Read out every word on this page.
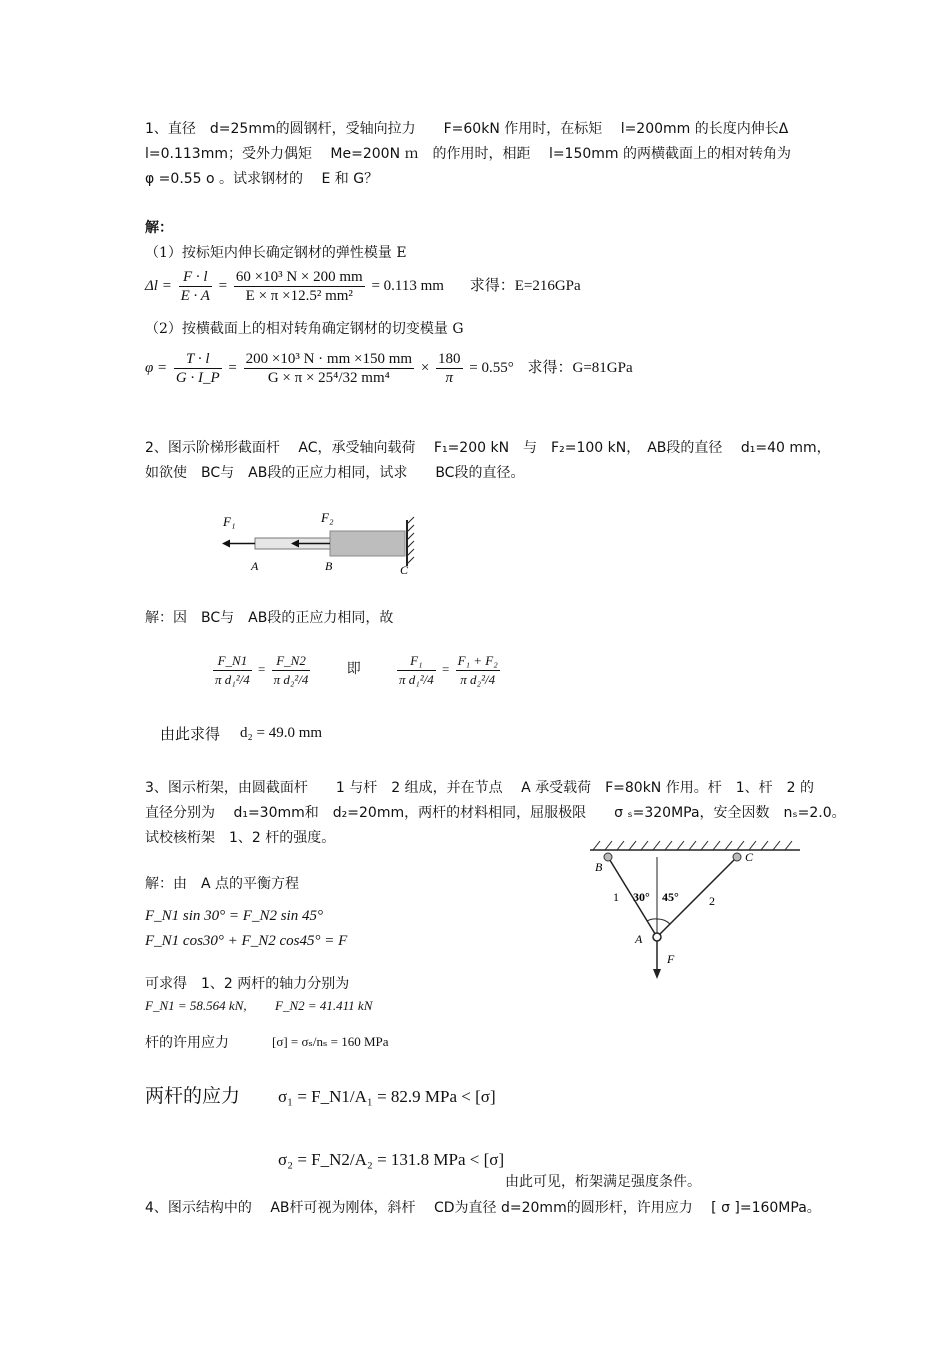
1、直径　d=25mm的圆钢杆，受轴向拉力　　F=60kN 作用时，在标矩　 l=200mm 的长度内伸长Δ
l=0.113mm；受外力偶矩　 Me=200N ｍ　的作用时，相距　 l=150mm 的两横截面上的相对转角为
φ =0.55 o 。试求钢材的　 E 和 G？
解：
（1）按标矩内伸长确定钢材的弹性模量 E
$\Delta l = \frac{F \cdot l}{E \cdot A} = \frac{\text{60 ×10³ N × 200 mm}}{\text{E × π ×12.5² mm²}} = 0.113$ mm 求得：E=216GPa
（2）按横截面上的相对转角确定钢材的切变模量 G
$\varphi = \frac{T \cdot l}{G \cdot I\_P} = \frac{\text{200 ×10³ N · mm ×150 mm}}{\text{G × π × 25⁴/32 mm⁴}} \times \frac{180}{\pi} = 0.55^\circ$ 求得：G=81GPa
2、图示阶梯形截面杆　 AC，承受轴向载荷　 F₁=200 kN　与　F₂=100 kN，　AB段的直径　 d₁=40 mm，
如欲使　BC与　AB段的正应力相同，试求　　BC段的直径。
F₁	F₂
A	B	C
解：因　BC与　AB段的正应力相同，故
$\frac{F\_N1}{\text{π d₁²/4}} = \frac{F\_N2}{\text{π d₂²/4}}$	即	$\frac{\text{F₁}}{\text{π d₁²/4}} = \frac{\text{F₁ + F₂}}{\text{π d₂²/4}}$
由此求得 d₂ = 49.0 mm
3、图示桁架，由圆截面杆　　1 与杆　2 组成，并在节点　 A 承受载荷　F=80kN 作用。杆　1、杆　2 的
直径分别为　 d₁=30mm和　d₂=20mm，两杆的材料相同，屈服极限　　σ ₛ=320MPa，安全因数　nₛ=2.0。
试校核桁架　1、2 杆的强度。
B
C
A
F
1	2
30° 45°
解：由　A 点的平衡方程
F_N1 sin 30° = F_N2 sin 45°
F_N1 cos30° + F_N2 cos45° = F
可求得　1、2 两杆的轴力分别为
F_N1 = 58.564 kN, F_N2 = 41.411 kN
杆的许用应力	[σ] = σₛ/nₛ = 160 MPa
两杆的应力 σ₁ = F_N1/A₁ = 82.9 MPa < [σ]
σ₂ = F_N2/A₂ = 131.8 MPa < [σ]
由此可见，桁架满足强度条件。
4、图示结构中的　 AB杆可视为刚体，斜杆　 CD为直径 d=20mm的圆形杆，许用应力　 [ σ ]=160MPa。
